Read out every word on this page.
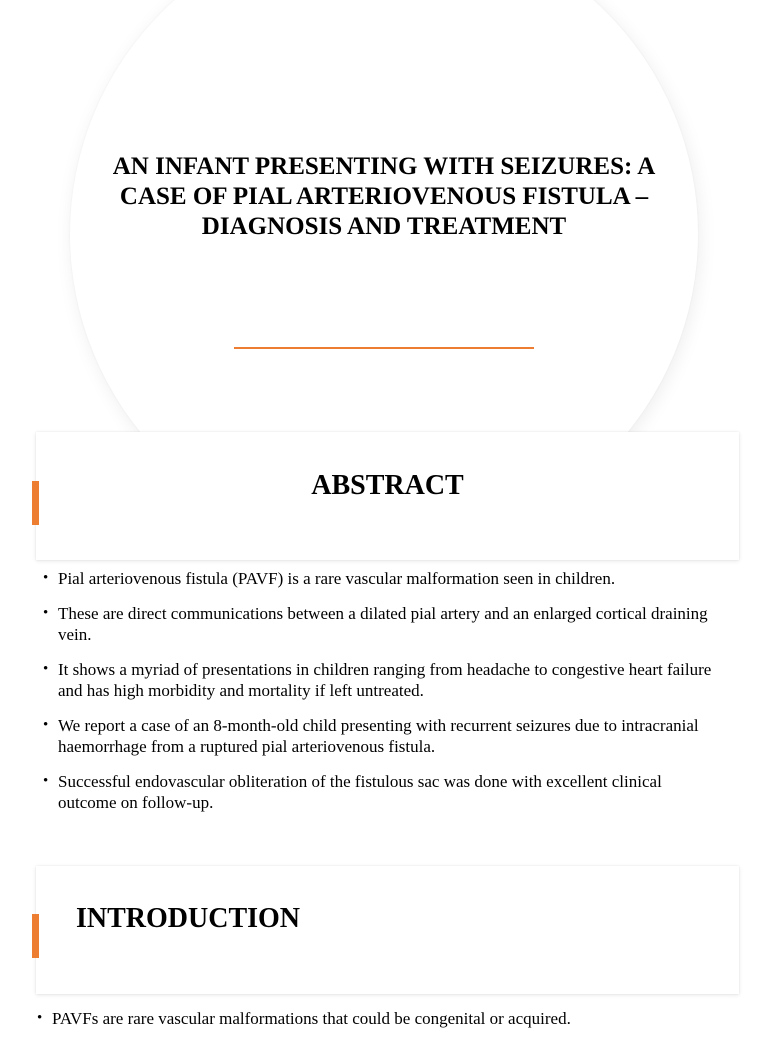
AN INFANT PRESENTING WITH SEIZURES: A CASE OF PIAL ARTERIOVENOUS FISTULA – DIAGNOSIS AND TREATMENT
ABSTRACT
• Pial arteriovenous fistula (PAVF) is a rare vascular malformation seen in children.
• These are direct communications between a dilated pial artery and an enlarged cortical draining vein.
• It shows a myriad of presentations in children ranging from headache to congestive heart failure and has high morbidity and mortality if left untreated.
• We report a case of an 8-month-old child presenting with recurrent seizures due to intracranial haemorrhage from a ruptured pial arteriovenous fistula.
• Successful endovascular obliteration of the fistulous sac was done with excellent clinical outcome on follow-up.
INTRODUCTION
• PAVFs are rare vascular malformations that could be congenital or acquired.
